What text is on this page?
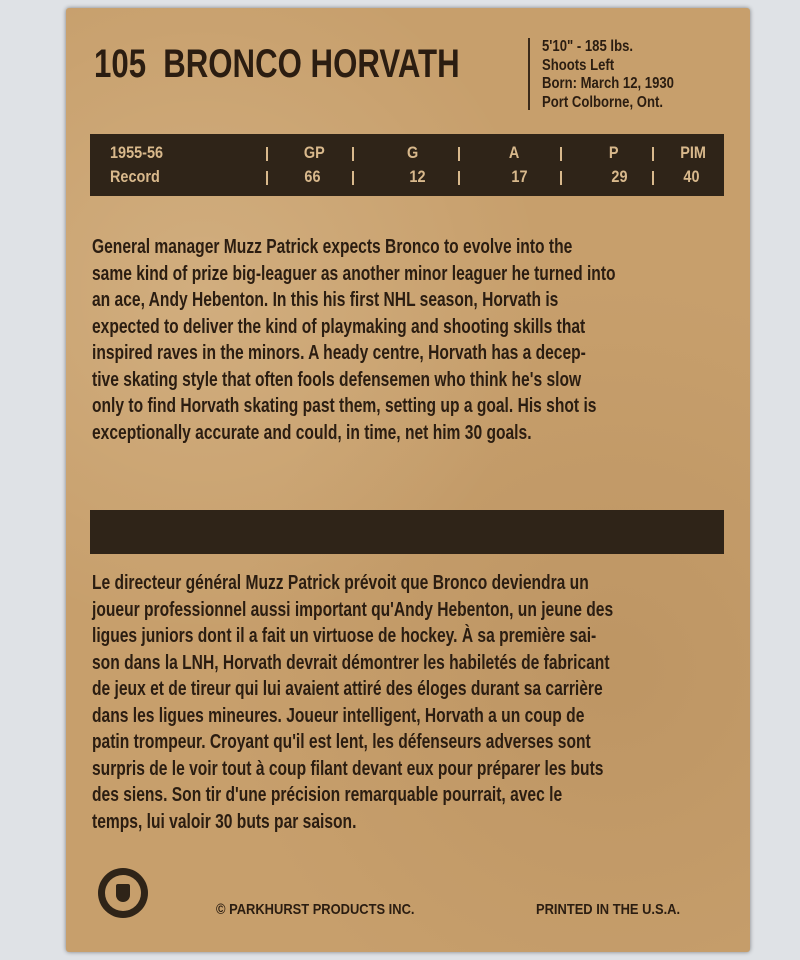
105 BRONCO HORVATH	5'10" - 185 lbs.
Shoots Left
Born: March 12, 1930
Port Colborne, Ont.
1955-56	GP	G	A	P	PIM
Record	66	12	17	29	40
General manager Muzz Patrick expects Bronco to evolve into the
same kind of prize big-leaguer as another minor leaguer he turned into
an ace, Andy Hebenton. In this his first NHL season, Horvath is
expected to deliver the kind of playmaking and shooting skills that
inspired raves in the minors. A heady centre, Horvath has a decep-
tive skating style that often fools defensemen who think he's slow
only to find Horvath skating past them, setting up a goal. His shot is
exceptionally accurate and could, in time, net him 30 goals.
Le directeur général Muzz Patrick prévoit que Bronco deviendra un
joueur professionnel aussi important qu'Andy Hebenton, un jeune des
ligues juniors dont il a fait un virtuose de hockey. À sa première sai-
son dans la LNH, Horvath devrait démontrer les habiletés de fabricant
de jeux et de tireur qui lui avaient attiré des éloges durant sa carrière
dans les ligues mineures. Joueur intelligent, Horvath a un coup de
patin trompeur. Croyant qu'il est lent, les défenseurs adverses sont
surpris de le voir tout à coup filant devant eux pour préparer les buts
des siens. Son tir d'une précision remarquable pourrait, avec le
temps, lui valoir 30 buts par saison.
© PARKHURST PRODUCTS INC.	PRINTED IN THE U.S.A.
